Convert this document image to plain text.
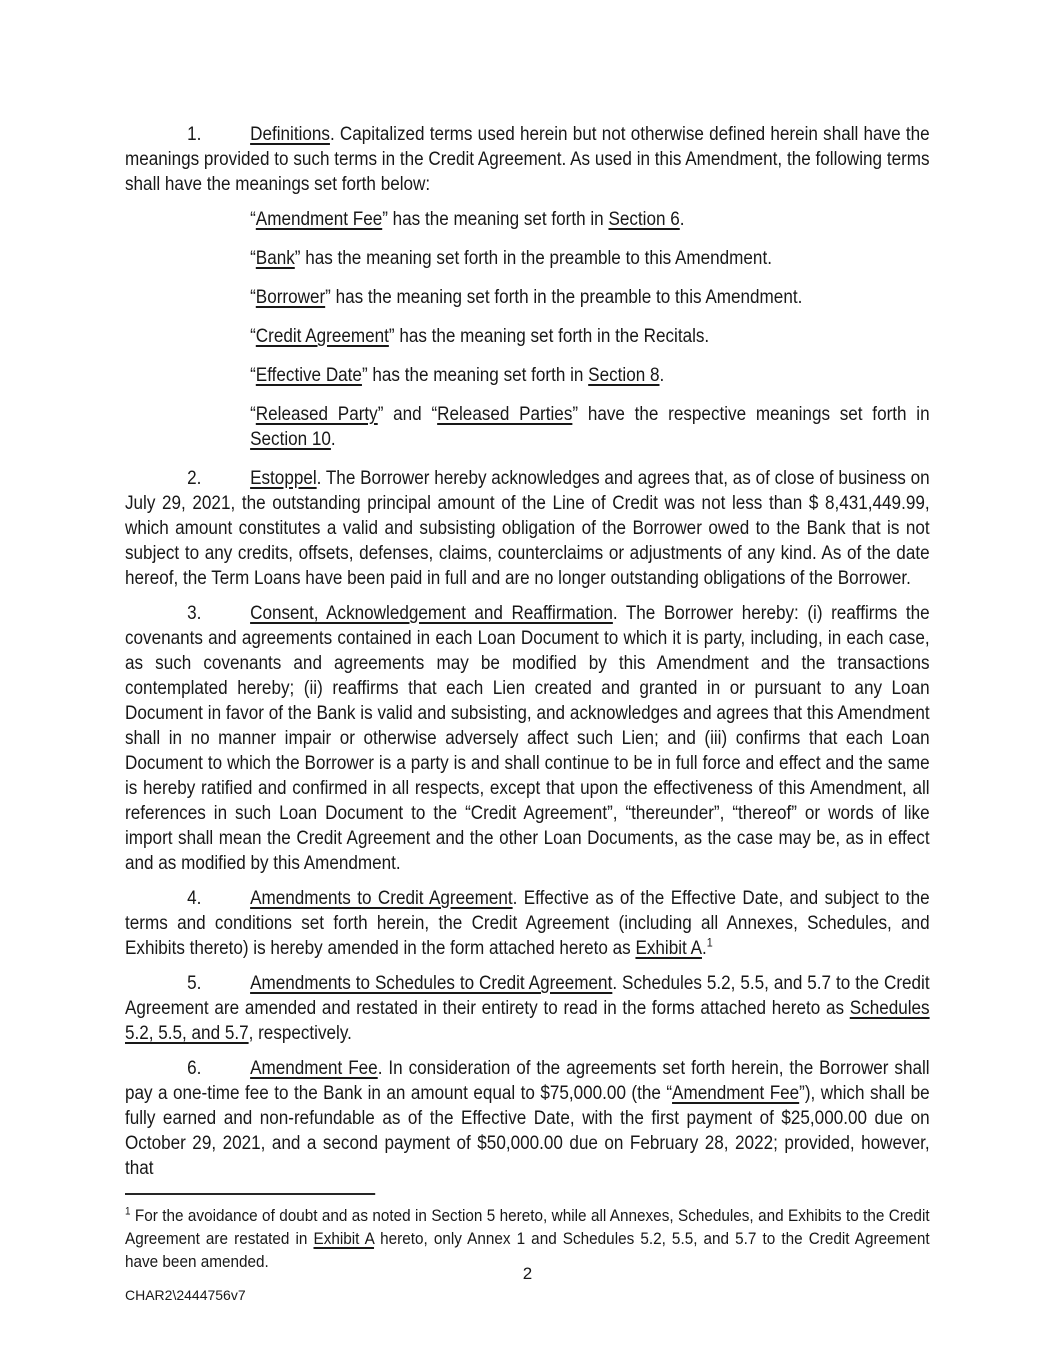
1.	Definitions. Capitalized terms used herein but not otherwise defined herein shall have the meanings provided to such terms in the Credit Agreement. As used in this Amendment, the following terms shall have the meanings set forth below:

“Amendment Fee” has the meaning set forth in Section 6.

“Bank” has the meaning set forth in the preamble to this Amendment.

“Borrower” has the meaning set forth in the preamble to this Amendment.

“Credit Agreement” has the meaning set forth in the Recitals.

“Effective Date” has the meaning set forth in Section 8.

“Released Party” and “Released Parties” have the respective meanings set forth in Section 10.

2.	Estoppel. The Borrower hereby acknowledges and agrees that, as of close of business on July 29, 2021, the outstanding principal amount of the Line of Credit was not less than $ 8,431,449.99, which amount constitutes a valid and subsisting obligation of the Borrower owed to the Bank that is not subject to any credits, offsets, defenses, claims, counterclaims or adjustments of any kind. As of the date hereof, the Term Loans have been paid in full and are no longer outstanding obligations of the Borrower.

3.	Consent, Acknowledgement and Reaffirmation. The Borrower hereby: (i) reaffirms the covenants and agreements contained in each Loan Document to which it is party, including, in each case, as such covenants and agreements may be modified by this Amendment and the transactions contemplated hereby; (ii) reaffirms that each Lien created and granted in or pursuant to any Loan Document in favor of the Bank is valid and subsisting, and acknowledges and agrees that this Amendment shall in no manner impair or otherwise adversely affect such Lien; and (iii) confirms that each Loan Document to which the Borrower is a party is and shall continue to be in full force and effect and the same is hereby ratified and confirmed in all respects, except that upon the effectiveness of this Amendment, all references in such Loan Document to the “Credit Agreement”, “thereunder”, “thereof” or words of like import shall mean the Credit Agreement and the other Loan Documents, as the case may be, as in effect and as modified by this Amendment.

4.	Amendments to Credit Agreement. Effective as of the Effective Date, and subject to the terms and conditions set forth herein, the Credit Agreement (including all Annexes, Schedules, and Exhibits thereto) is hereby amended in the form attached hereto as Exhibit A.$^1$

5.	Amendments to Schedules to Credit Agreement. Schedules 5.2, 5.5, and 5.7 to the Credit Agreement are amended and restated in their entirety to read in the forms attached hereto as Schedules 5.2, 5.5, and 5.7, respectively.

6.	Amendment Fee. In consideration of the agreements set forth herein, the Borrower shall pay a one-time fee to the Bank in an amount equal to $75,000.00 (the “Amendment Fee”), which shall be fully earned and non-refundable as of the Effective Date, with the first payment of $25,000.00 due on October 29, 2021, and a second payment of $50,000.00 due on February 28, 2022; provided, however, that

$^1$ For the avoidance of doubt and as noted in Section 5 hereto, while all Annexes, Schedules, and Exhibits to the Credit Agreement are restated in Exhibit A hereto, only Annex 1 and Schedules 5.2, 5.5, and 5.7 to the Credit Agreement have been amended.

2
CHAR2\2444756v7
